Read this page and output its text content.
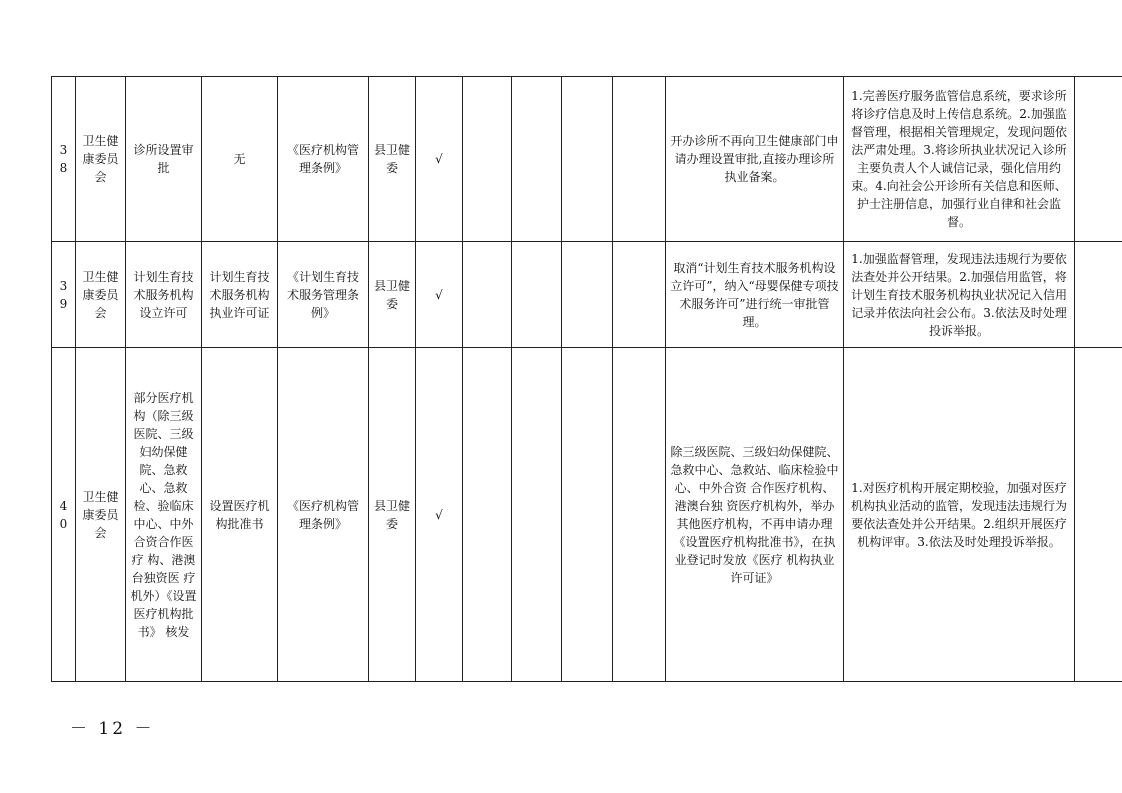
38	卫生健康委员会	诊所设置审批	无	《医疗机构管理条例》	县卫健委	√					开办诊所不再向卫生健康部门申请办理设置审批,直接办理诊所执业备案。	1.完善医疗服务监管信息系统，要求诊所将诊疗信息及时上传信息系统。2.加强监督管理，根据相关管理规定，发现问题依法严肃处理。3.将诊所执业状况记入诊所主要负责人个人诚信记录，强化信用约束。4.向社会公开诊所有关信息和医师、护士注册信息，加强行业自律和社会监督。	
39	卫生健康委员会	计划生育技术服务机构设立许可	计划生育技术服务机构执业许可证	《计划生育技术服务管理条例》	县卫健委	√					取消“计划生育技术服务机构设立许可”，纳入“母婴保健专项技术服务许可”进行统一审批管理。	1.加强监督管理，发现违法违规行为要依法查处并公开结果。2.加强信用监管，将计划生育技术服务机构执业状况记入信用记录并依法向社会公布。3.依法及时处理投诉举报。	
40	卫生健康委员会	部分医疗机构（除三级医院、三级妇幼保健院、急救心、急救检、验临床中心、中外合资合作医疗 构、港澳台独资医 疗机外）《设置医疗机构批书》 核发	设置医疗机 构批准书	《医疗机构管理条例》	县卫健委	√					除三级医院、三级妇幼保健院、急救中心、急救站、临床检验中心、中外合资 合作医疗机构、港澳台独 资医疗机构外，举办其他医疗机构，不再申请办理《设置医疗机构批准书》，在执业登记时发放《医疗 机构执业许可证》	1.对医疗机构开展定期校验，加强对医疗机构执业活动的监管，发现违法违规行为要依法查处并公开结果。2.组织开展医疗机构评审。3.依法及时处理投诉举报。	
－ 12 －
